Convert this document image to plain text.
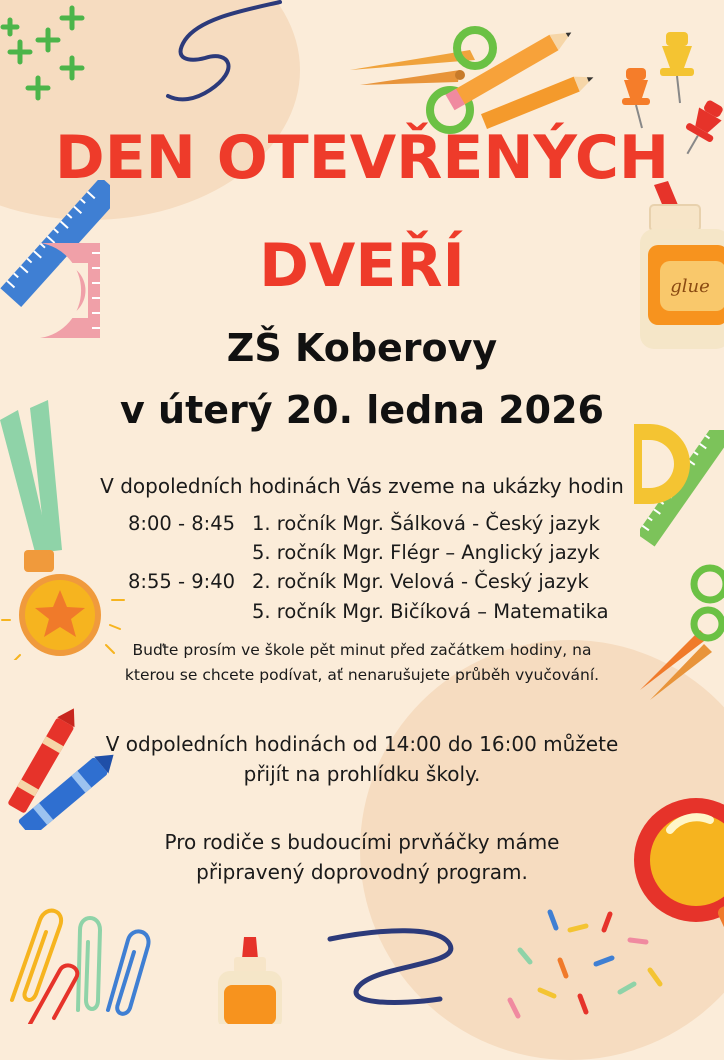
glue
DEN OTEVŘENÝCH
DVEŘÍ
ZŠ Koberovy
v úterý 20. ledna 2026
V dopoledních hodinách Vás zveme na ukázky hodin
8:00 - 8:45 1. ročník Mgr. Šálková - Český jazyk
5. ročník Mgr. Flégr – Anglický jazyk
8:55 - 9:40 2. ročník Mgr. Velová - Český jazyk
5. ročník Mgr. Bičíková – Matematika
Buďte prosím ve škole pět minut před začátkem hodiny, na
kterou se chcete podívat, ať nenarušujete průběh vyučování.
V odpoledních hodinách od 14:00 do 16:00 můžete
přijít na prohlídku školy.
Pro rodiče s budoucími prvňáčky máme
připravený doprovodný program.
